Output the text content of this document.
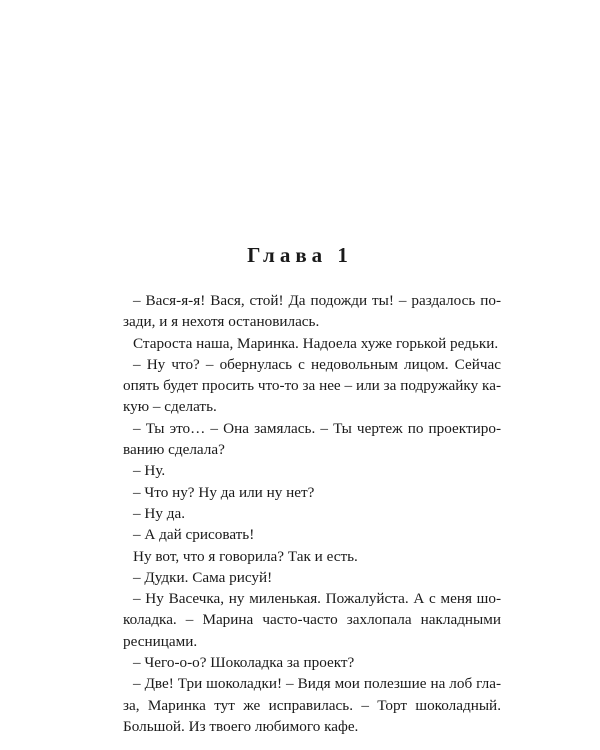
Глава 1

– Вася-я-я! Вася, стой! Да подожди ты! – раздалось позади, и я нехотя остановилась.

Староста наша, Маринка. Надоела хуже горькой редьки.

– Ну что? – обернулась с недовольным лицом. Сейчас опять будет просить что-то за нее – или за подружайку какую – сделать.

– Ты это… – Она замялась. – Ты чертеж по проектированию сделала?

– Ну.

– Что ну? Ну да или ну нет?

– Ну да.

– А дай срисовать!

Ну вот, что я говорила? Так и есть.

– Дудки. Сама рисуй!

– Ну Васечка, ну миленькая. Пожалуйста. А с меня шоколадка. – Марина часто-часто захлопала накладными ресницами.

– Чего-о-о? Шоколадка за проект?

– Две! Три шоколадки! – Видя мои полезшие на лоб глаза, Маринка тут же исправилась. – Торт шоколадный. Большой. Из твоего любимого кафе.
